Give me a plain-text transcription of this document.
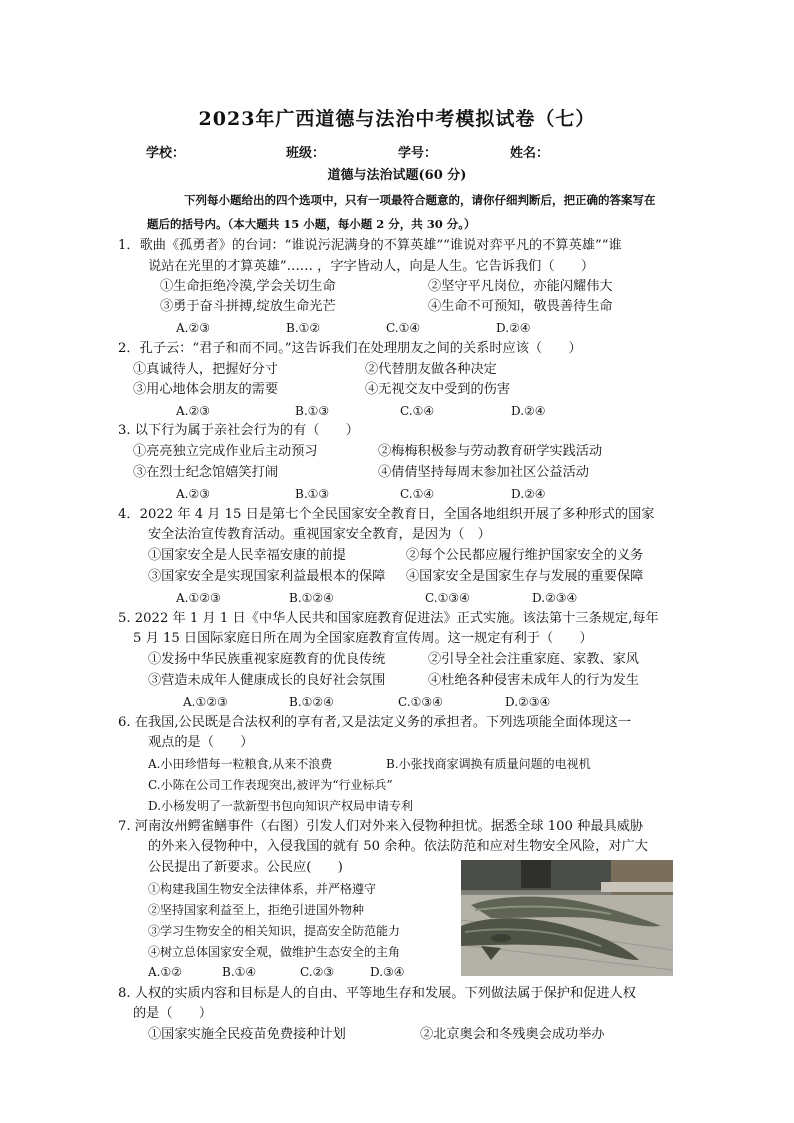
2023年广西道德与法治中考模拟试卷（七）
学校：	班级：	学号：	姓名：
道德与法治试题(60 分)
下列每小题给出的四个选项中，只有一项最符合题意的，请你仔细判断后，把正确的答案写在
题后的括号内。（本大题共 15 小题，每小题 2 分，共 30 分。）
1．歌曲《孤勇者》的台词：“谁说污泥满身的不算英雄”“谁说对弈平凡的不算英雄”“谁
说站在光里的才算英雄”…… ，字字皆动人，向是人生。它告诉我们（　　）
①生命拒绝冷漠,学会关切生命	②坚守平凡岗位，亦能闪耀伟大
③勇于奋斗拼搏,绽放生命光芒	④生命不可预知，敬畏善待生命
A.②③	B.①②	C.①④	D.②④
2．孔子云：“君子和而不同。”这告诉我们在处理朋友之间的关系时应该（　　）
①真诚待人，把握好分寸	②代替朋友做各种决定
③用心地体会朋友的需要	④无视交友中受到的伤害
A.②③	B.①③	C.①④	D.②④
3. 以下行为属于亲社会行为的有（　　）
①亮亮独立完成作业后主动预习	②梅梅积极参与劳动教育研学实践活动
③在烈士纪念馆嬉笑打闹	④倩倩坚持每周末参加社区公益活动
A.②③	B.①③	C.①④	D.②④
4．2022 年 4 月 15 日是第七个全民国家安全教育日，全国各地组织开展了多种形式的国家
安全法治宣传教育活动。重视国家安全教育，是因为（　）
①国家安全是人民幸福安康的前提	②每个公民都应履行维护国家安全的义务
③国家安全是实现国家利益最根本的保障 ④国家安全是国家生存与发展的重要保障
A.①②③	B.①②④	C.①③④	D.②③④
5. 2022 年 1 月 1 日《中华人民共和国家庭教育促进法》正式实施。该法第十三条规定,每年
5 月 15 日国际家庭日所在周为全国家庭教育宣传周。这一规定有利于（　　）
①发扬中华民族重视家庭教育的优良传统	②引导全社会注重家庭、家教、家风
③营造未成年人健康成长的良好社会氛围	④杜绝各种侵害未成年人的行为发生
A.①②③	B.①②④	C.①③④	D.②③④
6. 在我国,公民既是合法权利的享有者,又是法定义务的承担者。下列选项能全面体现这一
观点的是（　　）
A.小田珍惜每一粒粮食,从来不浪费	B.小张找商家调换有质量问题的电视机
C.小陈在公司工作表现突出,被评为“行业标兵”
D.小杨发明了一款新型书包向知识产权局申请专利
7. 河南汝州鳄雀鳝事件（右图）引发人们对外来入侵物种担忧。据悉全球 100 种最具威胁
的外来入侵物种中，入侵我国的就有 50 余种。依法防范和应对生物安全风险，对广大
公民提出了新要求。公民应(　　)
①构建我国生物安全法律体系，并严格遵守
②坚持国家利益至上，拒绝引进国外物种
③学习生物安全的相关知识，提高安全防范能力
④树立总体国家安全观，做维护生态安全的主角
A.①②	B.①④	C.②③	D.③④
8. 人权的实质内容和目标是人的自由、平等地生存和发展。下列做法属于保护和促进人权
的是（　　）
①国家实施全民疫苗免费接种计划	②北京奥会和冬残奥会成功举办
